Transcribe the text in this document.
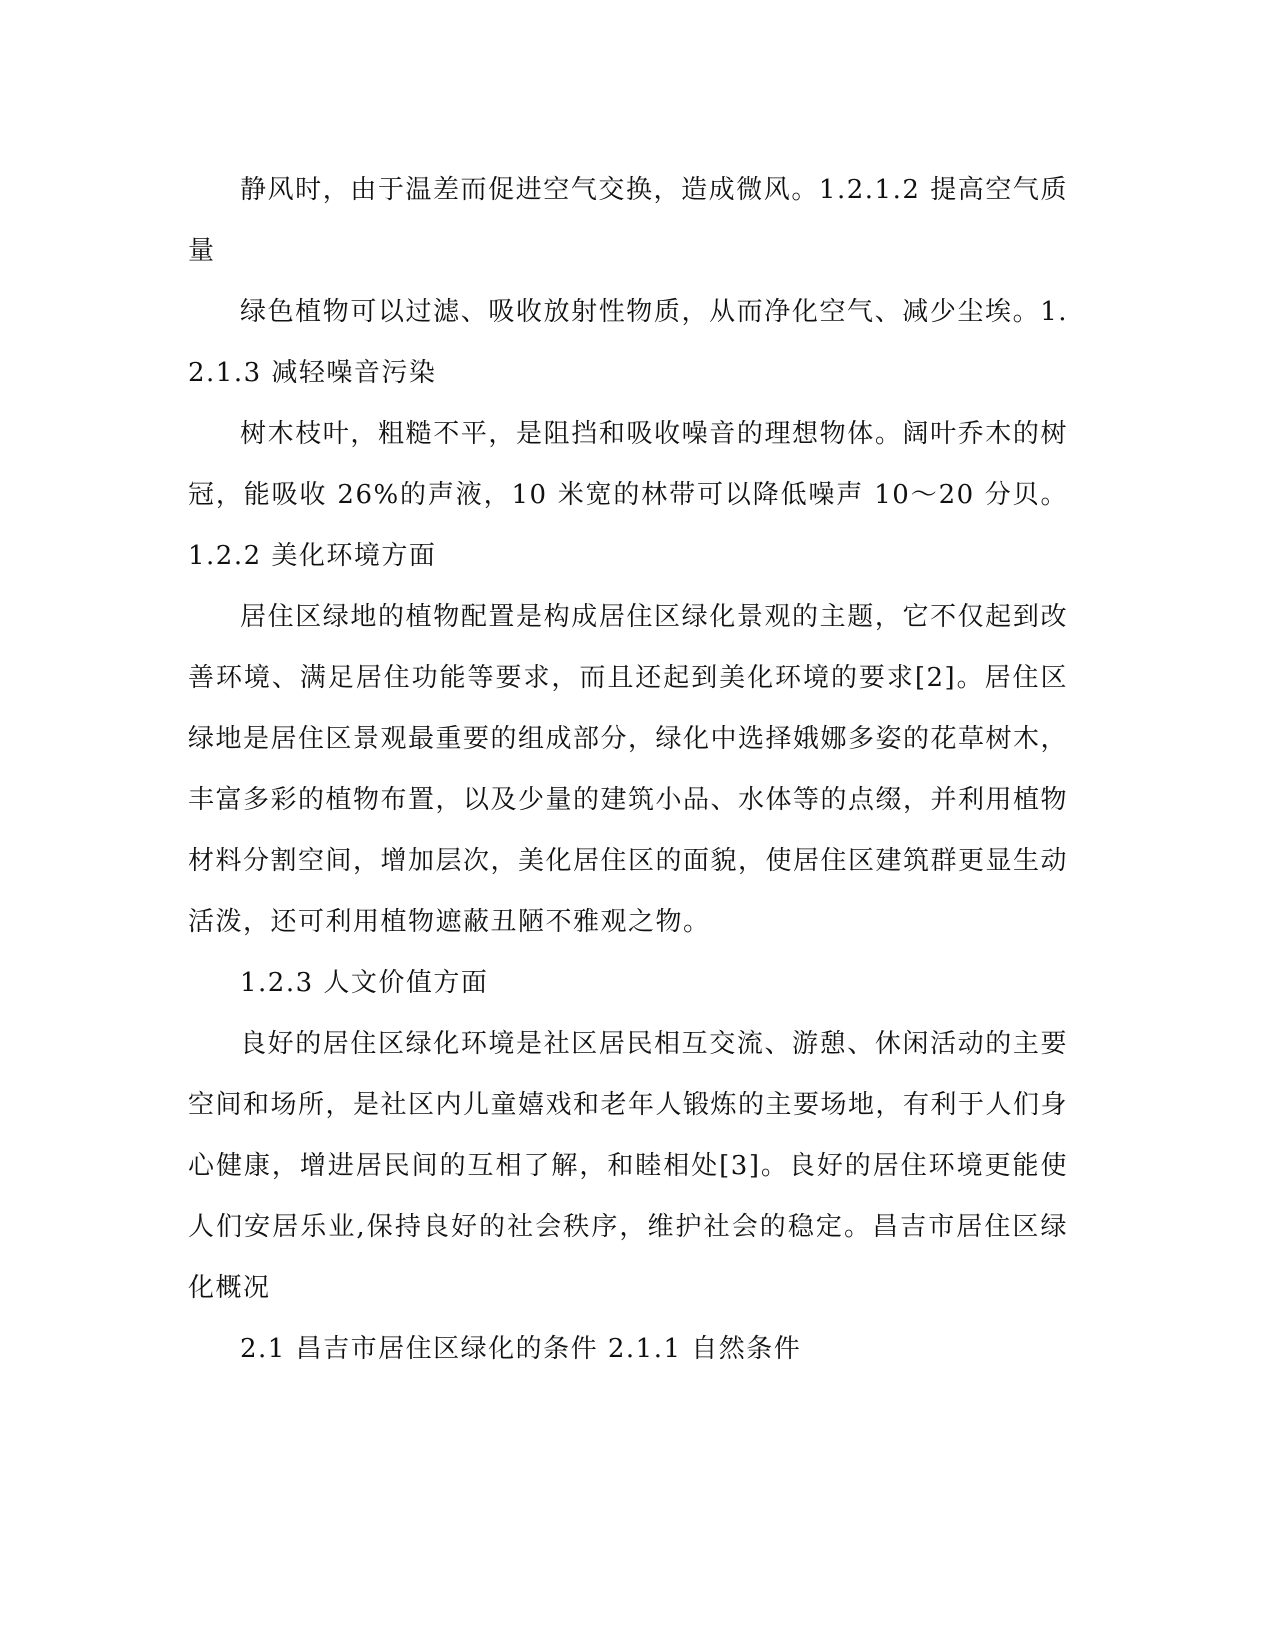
静风时，由于温差而促进空气交换，造成微风。1.2.1.2 提高空气质量

绿色植物可以过滤、吸收放射性物质，从而净化空气、减少尘埃。1.2.1.3 减轻噪音污染

树木枝叶，粗糙不平，是阻挡和吸收噪音的理想物体。阔叶乔木的树冠，能吸收 26%的声液，10 米宽的林带可以降低噪声 10～20 分贝。1.2.2 美化环境方面

居住区绿地的植物配置是构成居住区绿化景观的主题，它不仅起到改善环境、满足居住功能等要求，而且还起到美化环境的要求[2]。居住区绿地是居住区景观最重要的组成部分，绿化中选择娥娜多姿的花草树木，丰富多彩的植物布置，以及少量的建筑小品、水体等的点缀，并利用植物材料分割空间，增加层次，美化居住区的面貌，使居住区建筑群更显生动活泼，还可利用植物遮蔽丑陋不雅观之物。

1.2.3 人文价值方面

良好的居住区绿化环境是社区居民相互交流、游憩、休闲活动的主要空间和场所，是社区内儿童嬉戏和老年人锻炼的主要场地，有利于人们身心健康，增进居民间的互相了解，和睦相处[3]。良好的居住环境更能使人们安居乐业,保持良好的社会秩序，维护社会的稳定。昌吉市居住区绿化概况

2.1 昌吉市居住区绿化的条件 2.1.1 自然条件
